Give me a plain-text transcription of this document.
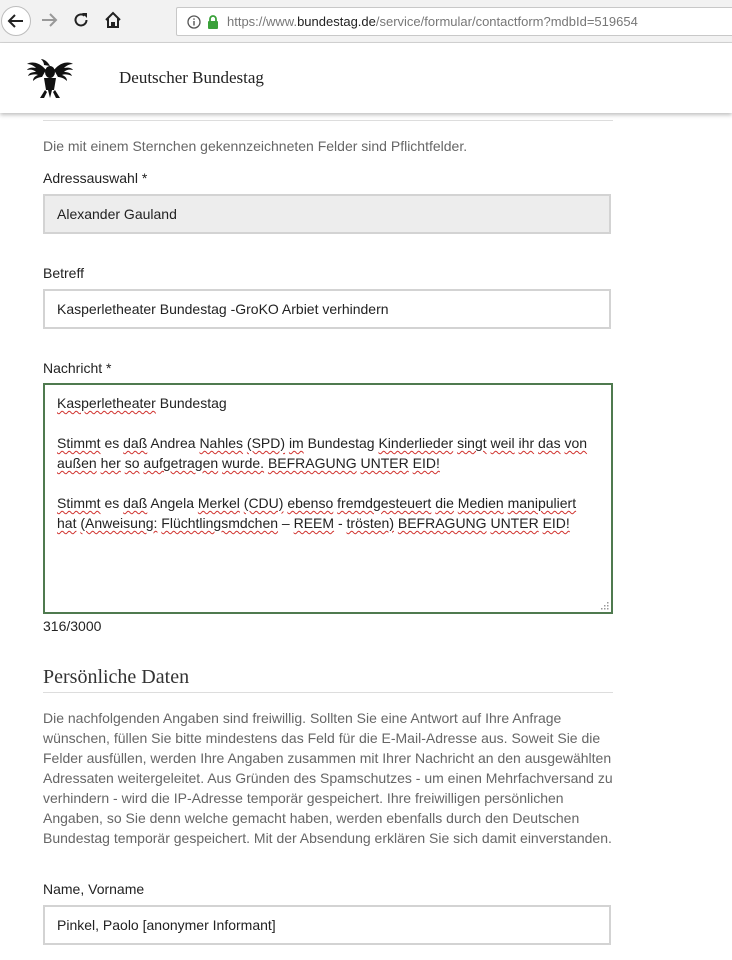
https://www.bundestag.de/service/formular/contactform?mdbId=519654
Deutscher Bundestag
Die mit einem Sternchen gekennzeichneten Felder sind Pflichtfelder.
Adressauswahl *
Alexander Gauland
Betreff
Kasperletheater Bundestag -GroKO Arbiet verhindern
Nachricht *

Kasperletheater Bundestag

Stimmt es daß Andrea Nahles (SPD) im Bundestag Kinderlieder singt weil ihr das von außen her so aufgetragen wurde. BEFRAGUNG UNTER EID!

Stimmt es daß Angela Merkel (CDU) ebenso fremdgesteuert die Medien manipuliert hat (Anweisung: Flüchtlingsmdchen – REEM - trösten) BEFRAGUNG UNTER EID!

316/3000
Persönliche Daten
Die nachfolgenden Angaben sind freiwillig. Sollten Sie eine Antwort auf Ihre Anfrage wünschen, füllen Sie bitte mindestens das Feld für die E-Mail-Adresse aus. Soweit Sie die Felder ausfüllen, werden Ihre Angaben zusammen mit Ihrer Nachricht an den ausgewählten Adressaten weitergeleitet. Aus Gründen des Spamschutzes - um einen Mehrfachversand zu verhindern - wird die IP-Adresse temporär gespeichert. Ihre freiwilligen persönlichen Angaben, so Sie denn welche gemacht haben, werden ebenfalls durch den Deutschen Bundestag temporär gespeichert. Mit der Absendung erklären Sie sich damit einverstanden.
Name, Vorname
Pinkel, Paolo [anonymer Informant]
